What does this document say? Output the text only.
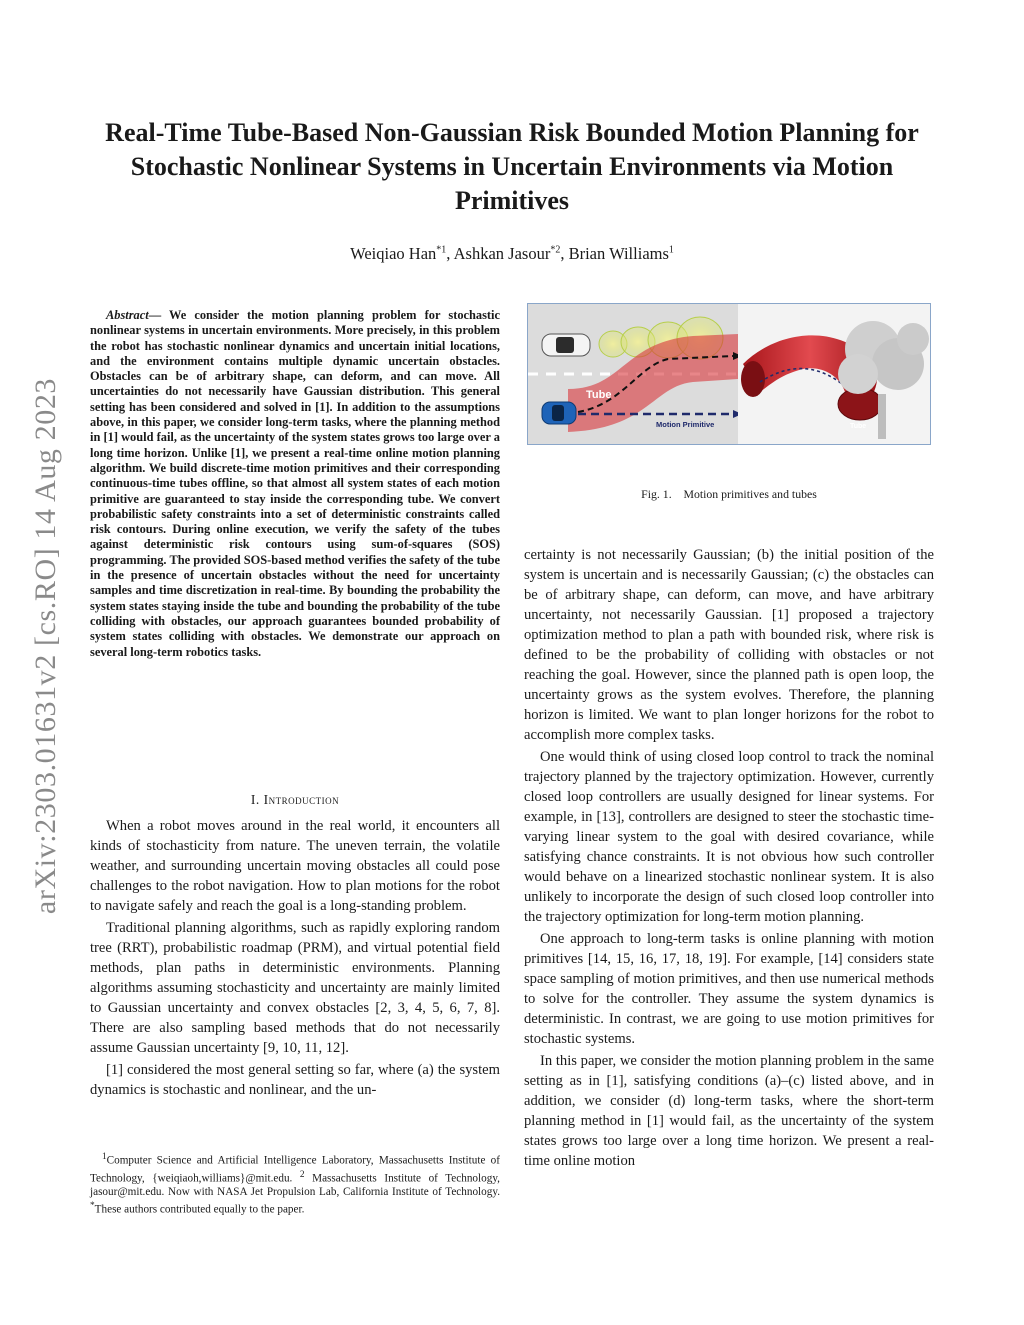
arXiv:2303.01631v2 [cs.RO] 14 Aug 2023
Real-Time Tube-Based Non-Gaussian Risk Bounded Motion Planning for Stochastic Nonlinear Systems in Uncertain Environments via Motion Primitives
Weiqiao Han$^{*1}$, Ashkan Jasour$^{*2}$, Brian Williams$^1$

Abstract— We consider the motion planning problem for stochastic nonlinear systems in uncertain environments. More precisely, in this problem the robot has stochastic nonlinear dynamics and uncertain initial locations, and the environment contains multiple dynamic uncertain obstacles. Obstacles can be of arbitrary shape, can deform, and can move. All uncertainties do not necessarily have Gaussian distribution. This general setting has been considered and solved in [1]. In addition to the assumptions above, in this paper, we consider long-term tasks, where the planning method in [1] would fail, as the uncertainty of the system states grows too large over a long time horizon. Unlike [1], we present a real-time online motion planning algorithm. We build discrete-time motion primitives and their corresponding continuous-time tubes offline, so that almost all system states of each motion primitive are guaranteed to stay inside the corresponding tube. We convert probabilistic safety constraints into a set of deterministic constraints called risk contours. During online execution, we verify the safety of the tubes against deterministic risk contours using sum-of-squares (SOS) programming. The provided SOS-based method verifies the safety of the tube in the presence of uncertain obstacles without the need for uncertainty samples and time discretization in real-time. By bounding the probability the system states staying inside the tube and bounding the probability of the tube colliding with obstacles, our approach guarantees bounded probability of system states colliding with obstacles. We demonstrate our approach on several long-term robotics tasks.

I. Introduction

When a robot moves around in the real world, it encounters all kinds of stochasticity from nature. The uneven terrain, the volatile weather, and surrounding uncertain moving obstacles all could pose challenges to the robot navigation. How to plan motions for the robot to navigate safely and reach the goal is a long-standing problem.

Traditional planning algorithms, such as rapidly exploring random tree (RRT), probabilistic roadmap (PRM), and virtual potential field methods, plan paths in deterministic environments. Planning algorithms assuming stochasticity and uncertainty are mainly limited to Gaussian uncertainty and convex obstacles [2, 3, 4, 5, 6, 7, 8]. There are also sampling based methods that do not necessarily assume Gaussian uncertainty [9, 10, 11, 12].

[1] considered the most general setting so far, where (a) the system dynamics is stochastic and nonlinear, and the un-

$^1$Computer Science and Artificial Intelligence Laboratory, Massachusetts Institute of Technology, {weiqiaoh,williams}@mit.edu. $^2$ Massachusetts Institute of Technology, jasour@mit.edu. Now with NASA Jet Propulsion Lab, California Institute of Technology. *These authors contributed equally to the paper.

Tube
Motion Primitive	Tube
Fig. 1. Motion primitives and tubes

certainty is not necessarily Gaussian; (b) the initial position of the system is uncertain and is necessarily Gaussian; (c) the obstacles can be of arbitrary shape, can deform, can move, and have arbitrary uncertainty, not necessarily Gaussian. [1] proposed a trajectory optimization method to plan a path with bounded risk, where risk is defined to be the probability of colliding with obstacles or not reaching the goal. However, since the planned path is open loop, the uncertainty grows as the system evolves. Therefore, the planning horizon is limited. We want to plan longer horizons for the robot to accomplish more complex tasks.

One would think of using closed loop control to track the nominal trajectory planned by the trajectory optimization. However, currently closed loop controllers are usually designed for linear systems. For example, in [13], controllers are designed to steer the stochastic time-varying linear system to the goal with desired covariance, while satisfying chance constraints. It is not obvious how such controller would behave on a linearized stochastic nonlinear system. It is also unlikely to incorporate the design of such closed loop controller into the trajectory optimization for long-term motion planning.

One approach to long-term tasks is online planning with motion primitives [14, 15, 16, 17, 18, 19]. For example, [14] considers state space sampling of motion primitives, and then use numerical methods to solve for the controller. They assume the system dynamics is deterministic. In contrast, we are going to use motion primitives for stochastic systems.

In this paper, we consider the motion planning problem in the same setting as in [1], satisfying conditions (a)–(c) listed above, and in addition, we consider (d) long-term tasks, where the short-term planning method in [1] would fail, as the uncertainty of the system states grows too large over a long time horizon. We present a real-time online motion
